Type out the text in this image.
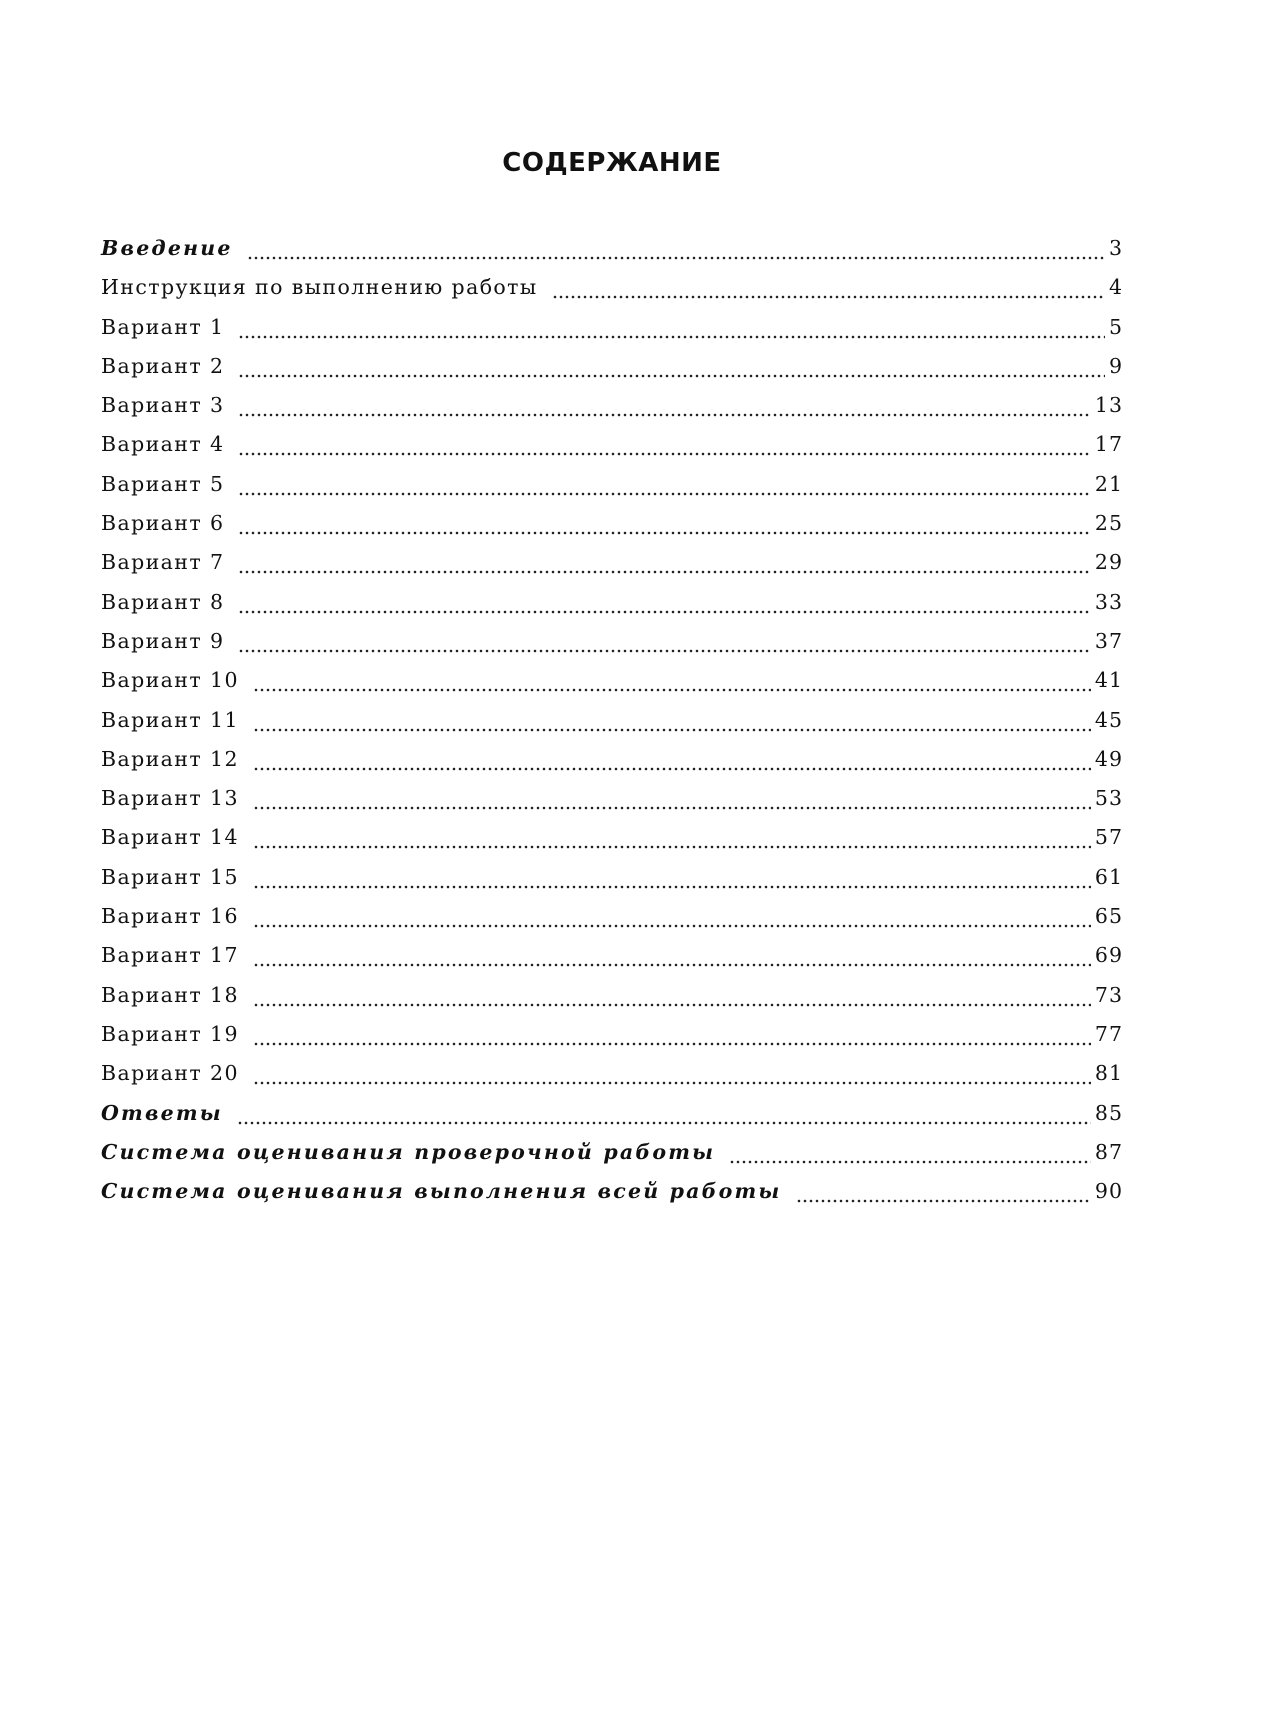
СОДЕРЖАНИЕ
Введение	3
Инструкция по выполнению работы	4
Вариант 1	5
Вариант 2	9
Вариант 3	13
Вариант 4	17
Вариант 5	21
Вариант 6	25
Вариант 7	29
Вариант 8	33
Вариант 9	37
Вариант 10	41
Вариант 11	45
Вариант 12	49
Вариант 13	53
Вариант 14	57
Вариант 15	61
Вариант 16	65
Вариант 17	69
Вариант 18	73
Вариант 19	77
Вариант 20	81
Ответы	85
Система оценивания проверочной работы	87
Система оценивания выполнения всей работы	90
